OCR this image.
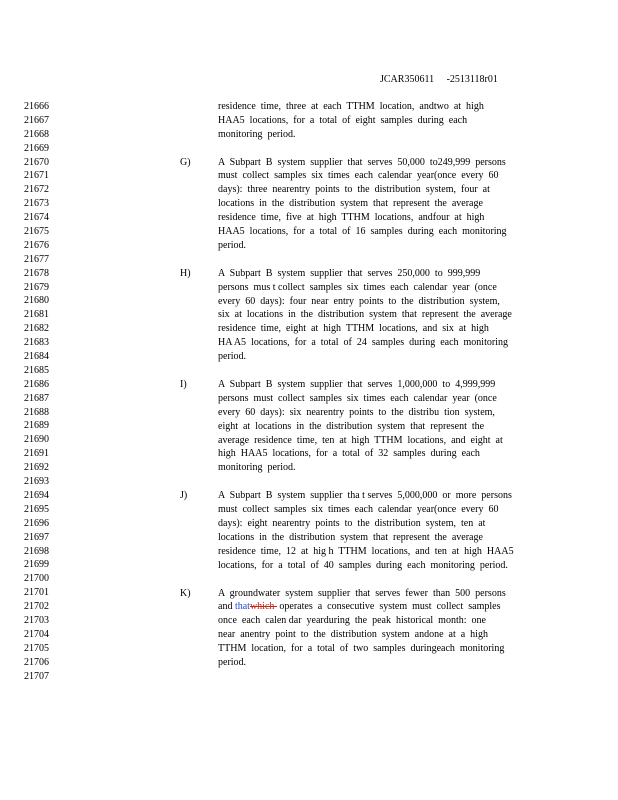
JCAR350611 -2513118r01
21666
21667
21668
21669
21670
21671
21672
21673
21674
21675
21676
21677
21678
21679
21680
21681
21682
21683
21684
21685
21686
21687
21688
21689
21690
21691
21692
21693
21694
21695
21696
21697
21698
21699
21700
21701
21702
21703
21704
21705
21706
21707
residence  time,  three  at  each  TTHM  location,  andtwo  at  high
HAA5  locations,  for  a  total  of  eight  samples  during  each
monitoring  period.
G)	A  Subpart  B  system  supplier  that  serves  50,000  to249,999  persons
must  collect  samples  six  times  each  calendar  year(once  every  60
days):  three  nearentry  points  to  the  distribution  system,  four  at
locations  in  the  distribution  system  that  represent  the  average
residence  time,  five  at  high  TTHM  locations,  andfour  at  high
HAA5  locations,  for  a  total  of  16  samples  during  each  monitoring
period.
H)	A  Subpart  B  system  supplier  that  serves  250,000  to  999,999
persons  mus t collect  samples  six  times  each  calendar  year  (once
every  60  days):  four  near  entry  points  to  the  distribution  system,
six  at  locations  in  the  distribution  system  that  represent  the  average
residence  time,  eight  at  high  TTHM  locations,  and  six  at  high
HA A5  locations,  for  a  total  of  24  samples  during  each  monitoring
period.
I)	A  Subpart  B  system  supplier  that  serves  1,000,000  to  4,999,999
persons  must  collect  samples  six  times  each  calendar  year  (once
every  60  days):  six  nearentry  points  to  the  distribu  tion  system,
eight  at  locations  in  the  distribution  system  that  represent  the
average  residence  time,  ten  at  high  TTHM  locations,  and  eight  at
high  HAA5  locations,  for  a  total  of  32  samples  during  each
monitoring  period.
J)	A  Subpart  B  system  supplier  tha t serves  5,000,000  or  more  persons
must  collect  samples  six  times  each  calendar  year(once  every  60
days):  eight  nearentry  points  to  the  distribution  system,  ten  at
locations  in  the  distribution  system  that  represent  the  average
residence  time,  12  at  hig h  TTHM  locations,  and  ten  at  high  HAA5
locations,  for  a  total  of  40  samples  during  each  monitoring  period.
K)	A  groundwater  system  supplier  that  serves  fewer  than  500  persons
and thatwhich  operates  a  consecutive  system  must  collect  samples
once  each  calen dar  yearduring  the  peak  historical  month:  one
near  anentry  point  to  the  distribution  system  andone  at  a  high
TTHM  location,  for  a  total  of  two  samples  duringeach  monitoring
period.
